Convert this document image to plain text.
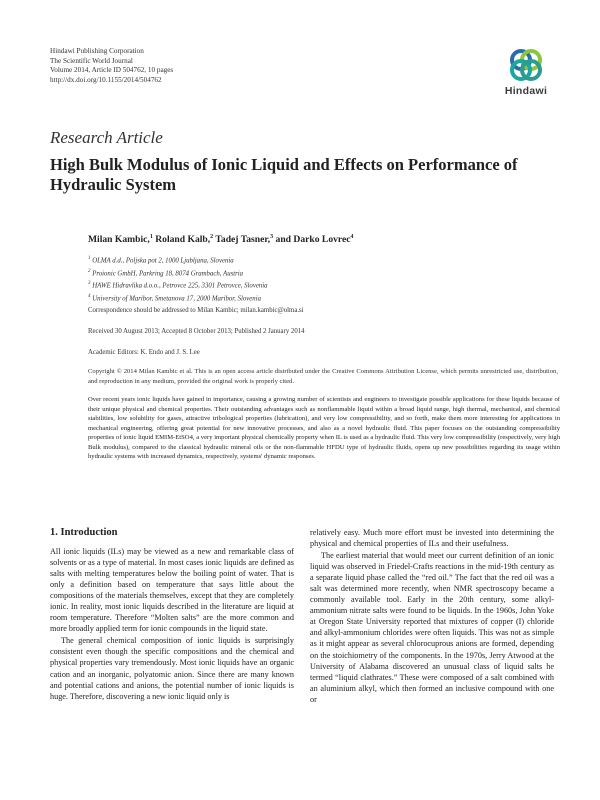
Hindawi Publishing Corporation
The Scientific World Journal
Volume 2014, Article ID 504762, 10 pages
http://dx.doi.org/10.1155/2014/504762
Hindawi
Research Article
High Bulk Modulus of Ionic Liquid and Effects on Performance of Hydraulic System
Milan Kambic,$^1$ Roland Kalb,$^2$ Tadej Tasner,$^3$ and Darko Lovrec$^4$
$^1$ OLMA d.d., Poljska pot 2, 1000 Ljubljana, Slovenia
$^2$ Proionic GmbH, Parkring 18, 8074 Grambach, Austria
$^3$ HAWE Hidravlika d.o.o., Petrovce 225, 3301 Petrovce, Slovenia
$^4$ University of Maribor, Smetanova 17, 2000 Maribor, Slovenia
Correspondence should be addressed to Milan Kambic; milan.kambic@olma.si
Received 30 August 2013; Accepted 8 October 2013; Published 2 January 2014
Academic Editors: K. Endo and J. S. Lee
Copyright © 2014 Milan Kambic et al. This is an open access article distributed under the Creative Commons Attribution License, which permits unrestricted use, distribution, and reproduction in any medium, provided the original work is properly cited.
Over recent years ionic liquids have gained in importance, causing a growing number of scientists and engineers to investigate possible applications for these liquids because of their unique physical and chemical properties. Their outstanding advantages such as nonflammable liquid within a broad liquid range, high thermal, mechanical, and chemical stabilities, low solubility for gases, attractive tribological properties (lubrication), and very low compressibility, and so forth, make them more interesting for applications in mechanical engineering, offering great potential for new innovative processes, and also as a novel hydraulic fluid. This paper focuses on the outstanding compressibility properties of ionic liquid EMIM-EtSO4, a very important physical chemically property when IL is used as a hydraulic fluid. This very low compressibility (respectively, very high Bulk modulus), compared to the classical hydraulic mineral oils or the non-flammable HFDU type of hydraulic fluids, opens up new possibilities regarding its usage within hydraulic systems with increased dynamics, respectively, systems' dynamic responses.
1. Introduction

All ionic liquids (ILs) may be viewed as a new and remarkable class of solvents or as a type of material. In most cases ionic liquids are defined as salts with melting temperatures below the boiling point of water. That is only a definition based on temperature that says little about the compositions of the materials themselves, except that they are completely ionic. In reality, most ionic liquids described in the literature are liquid at room temperature. Therefore “Molten salts” are the more common and more broadly applied term for ionic compounds in the liquid state.

The general chemical composition of ionic liquids is surprisingly consistent even though the specific compositions and the chemical and physical properties vary tremendously. Most ionic liquids have an organic cation and an inorganic, polyatomic anion. Since there are many known and potential cations and anions, the potential number of ionic liquids is huge. Therefore, discovering a new ionic liquid only is

relatively easy. Much more effort must be invested into determining the physical and chemical properties of ILs and their usefulness.

The earliest material that would meet our current definition of an ionic liquid was observed in Friedel-Crafts reactions in the mid-19th century as a separate liquid phase called the “red oil.” The fact that the red oil was a salt was determined more recently, when NMR spectroscopy became a commonly available tool. Early in the 20th century, some alkyl-ammonium nitrate salts were found to be liquids. In the 1960s, John Yoke at Oregon State University reported that mixtures of copper (I) chloride and alkyl-ammonium chlorides were often liquids. This was not as simple as it might appear as several chlorocuprous anions are formed, depending on the stoichiometry of the components. In the 1970s, Jerry Atwood at the University of Alabama discovered an unusual class of liquid salts he termed “liquid clathrates.” These were composed of a salt combined with an aluminium alkyl, which then formed an inclusive compound with one or
